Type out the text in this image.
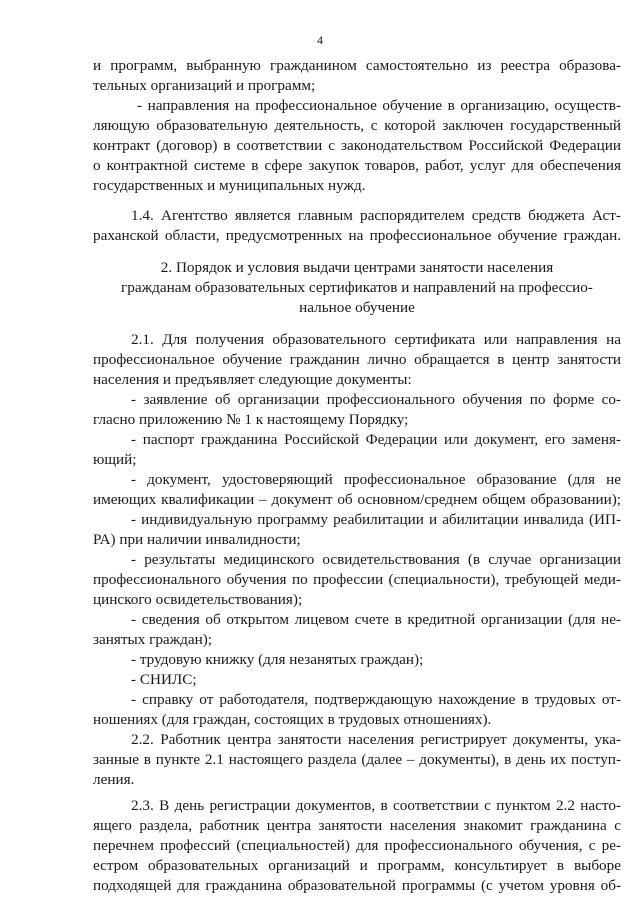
4
и программ, выбранную гражданином самостоятельно из реестра образова-
тельных организаций и программ;
- направления на профессиональное обучение в организацию, осуществ-
ляющую образовательную деятельность, с которой заключен государственный
контракт (договор) в соответствии с законодательством Российской Федерации
о контрактной системе в сфере закупок товаров, работ, услуг для обеспечения
государственных и муниципальных нужд.
1.4. Агентство является главным распорядителем средств бюджета Аст-
раханской области, предусмотренных на профессиональное обучение граждан.
2. Порядок и условия выдачи центрами занятости населения
гражданам образовательных сертификатов и направлений на профессио-
нальное обучение
2.1. Для получения образовательного сертификата или направления на
профессиональное обучение гражданин лично обращается в центр занятости
населения и предъявляет следующие документы:
- заявление об организации профессионального обучения по форме со-
гласно приложению № 1 к настоящему Порядку;
- паспорт гражданина Российской Федерации или документ, его заменя-
ющий;
- документ, удостоверяющий профессиональное образование (для не
имеющих квалификации – документ об основном/среднем общем образовании);
- индивидуальную программу реабилитации и абилитации инвалида (ИП-
РА) при наличии инвалидности;
- результаты медицинского освидетельствования (в случае организации
профессионального обучения по профессии (специальности), требующей меди-
цинского освидетельствования);
- сведения об открытом лицевом счете в кредитной организации (для не-
занятых граждан);
- трудовую книжку (для незанятых граждан);
- СНИЛС;
- справку от работодателя, подтверждающую нахождение в трудовых от-
ношениях (для граждан, состоящих в трудовых отношениях).
2.2. Работник центра занятости населения регистрирует документы, ука-
занные в пункте 2.1 настоящего раздела (далее – документы), в день их поступ-
ления.
2.3. В день регистрации документов, в соответствии с пунктом 2.2 насто-
ящего раздела, работник центра занятости населения знакомит гражданина с
перечнем профессий (специальностей) для профессионального обучения, с ре-
естром образовательных организаций и программ, консультирует в выборе
подходящей для гражданина образовательной программы (с учетом уровня об-
